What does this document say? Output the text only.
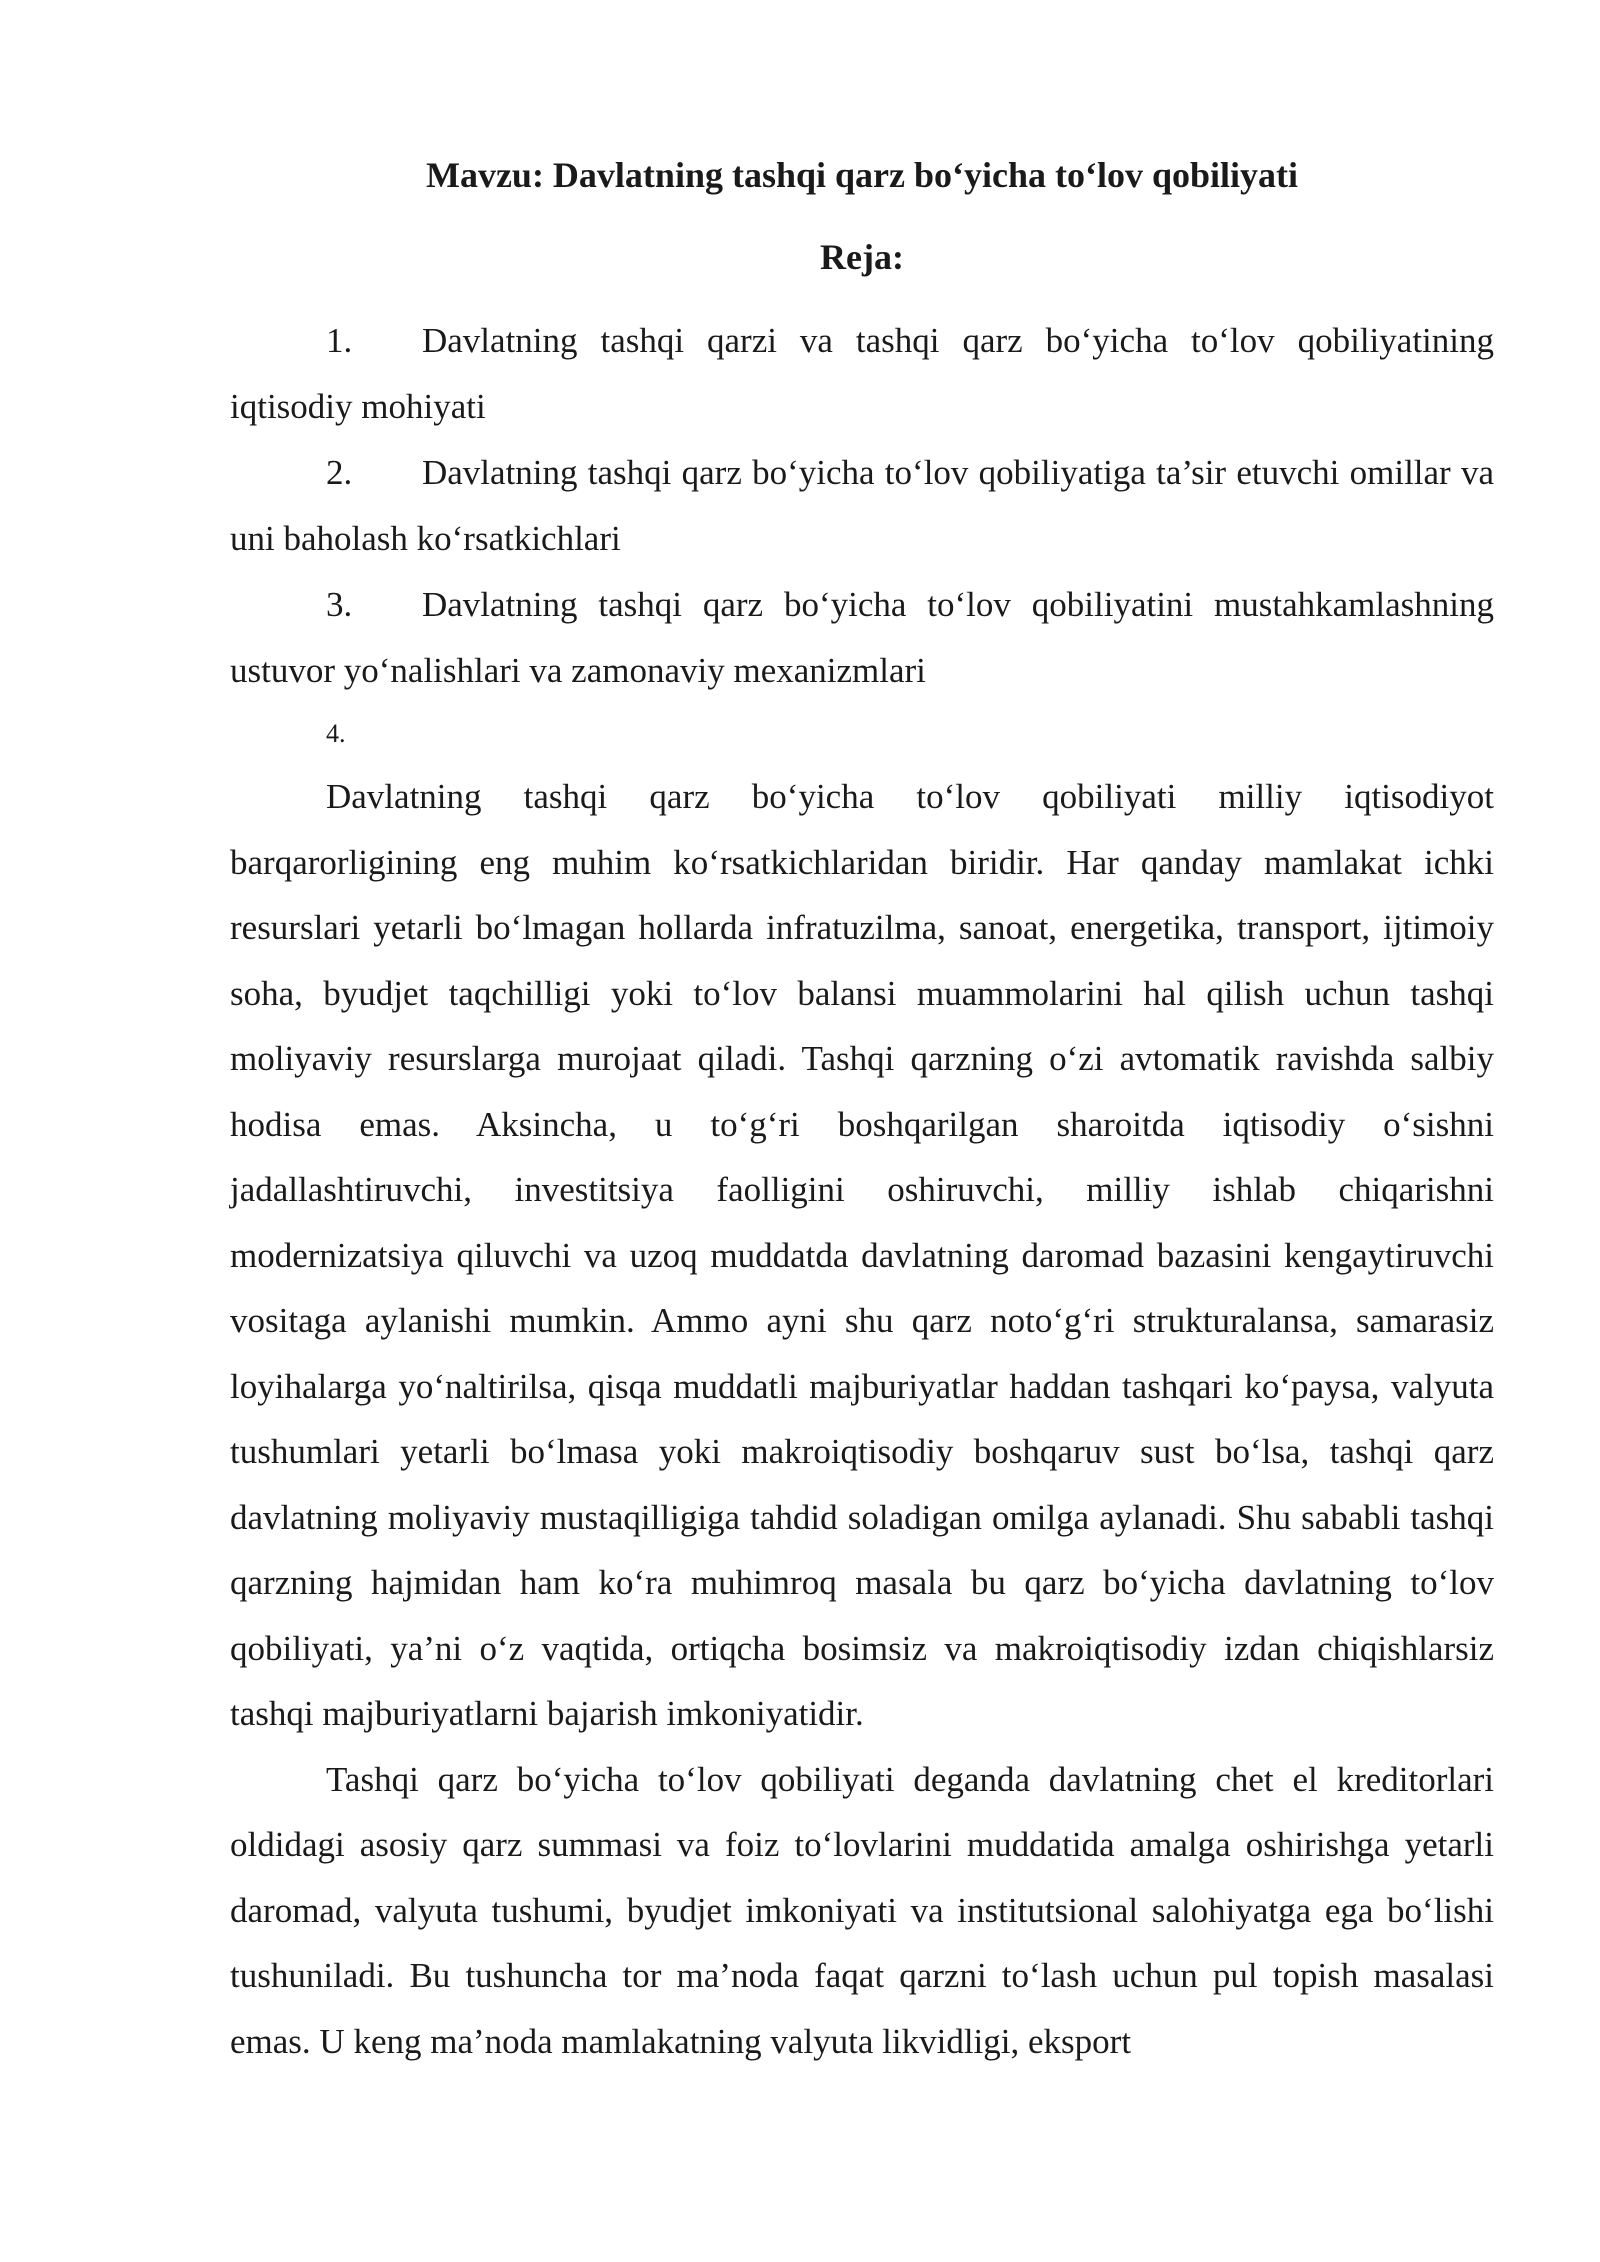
Mavzu: Davlatning tashqi qarz bo‘yicha to‘lov qobiliyati
Reja:

1. Davlatning tashqi qarzi va tashqi qarz bo‘yicha to‘lov qobiliyatining iqtisodiy mohiyati

2. Davlatning tashqi qarz bo‘yicha to‘lov qobiliyatiga ta’sir etuvchi omillar va uni baholash ko‘rsatkichlari

3. Davlatning tashqi qarz bo‘yicha to‘lov qobiliyatini mustahkamlashning ustuvor yo‘nalishlari va zamonaviy mexanizmlari

4.

Davlatning tashqi qarz bo‘yicha to‘lov qobiliyati milliy iqtisodiyot barqarorligining eng muhim ko‘rsatkichlaridan biridir. Har qanday mamlakat ichki resurslari yetarli bo‘lmagan hollarda infratuzilma, sanoat, energetika, transport, ijtimoiy soha, byudjet taqchilligi yoki to‘lov balansi muammolarini hal qilish uchun tashqi moliyaviy resurslarga murojaat qiladi. Tashqi qarzning o‘zi avtomatik ravishda salbiy hodisa emas. Aksincha, u to‘g‘ri boshqarilgan sharoitda iqtisodiy o‘sishni jadallashtiruvchi, investitsiya faolligini oshiruvchi, milliy ishlab chiqarishni modernizatsiya qiluvchi va uzoq muddatda davlatning daromad bazasini kengaytiruvchi vositaga aylanishi mumkin. Ammo ayni shu qarz noto‘g‘ri strukturalansa, samarasiz loyihalarga yo‘naltirilsa, qisqa muddatli majburiyatlar haddan tashqari ko‘paysa, valyuta tushumlari yetarli bo‘lmasa yoki makroiqtisodiy boshqaruv sust bo‘lsa, tashqi qarz davlatning moliyaviy mustaqilligiga tahdid soladigan omilga aylanadi. Shu sababli tashqi qarzning hajmidan ham ko‘ra muhimroq masala bu qarz bo‘yicha davlatning to‘lov qobiliyati, ya’ni o‘z vaqtida, ortiqcha bosimsiz va makroiqtisodiy izdan chiqishlarsiz tashqi majburiyatlarni bajarish imkoniyatidir.

Tashqi qarz bo‘yicha to‘lov qobiliyati deganda davlatning chet el kreditorlari oldidagi asosiy qarz summasi va foiz to‘lovlarini muddatida amalga oshirishga yetarli daromad, valyuta tushumi, byudjet imkoniyati va institutsional salohiyatga ega bo‘lishi tushuniladi. Bu tushuncha tor ma’noda faqat qarzni to‘lash uchun pul topish masalasi emas. U keng ma’noda mamlakatning valyuta likvidligi, eksport
